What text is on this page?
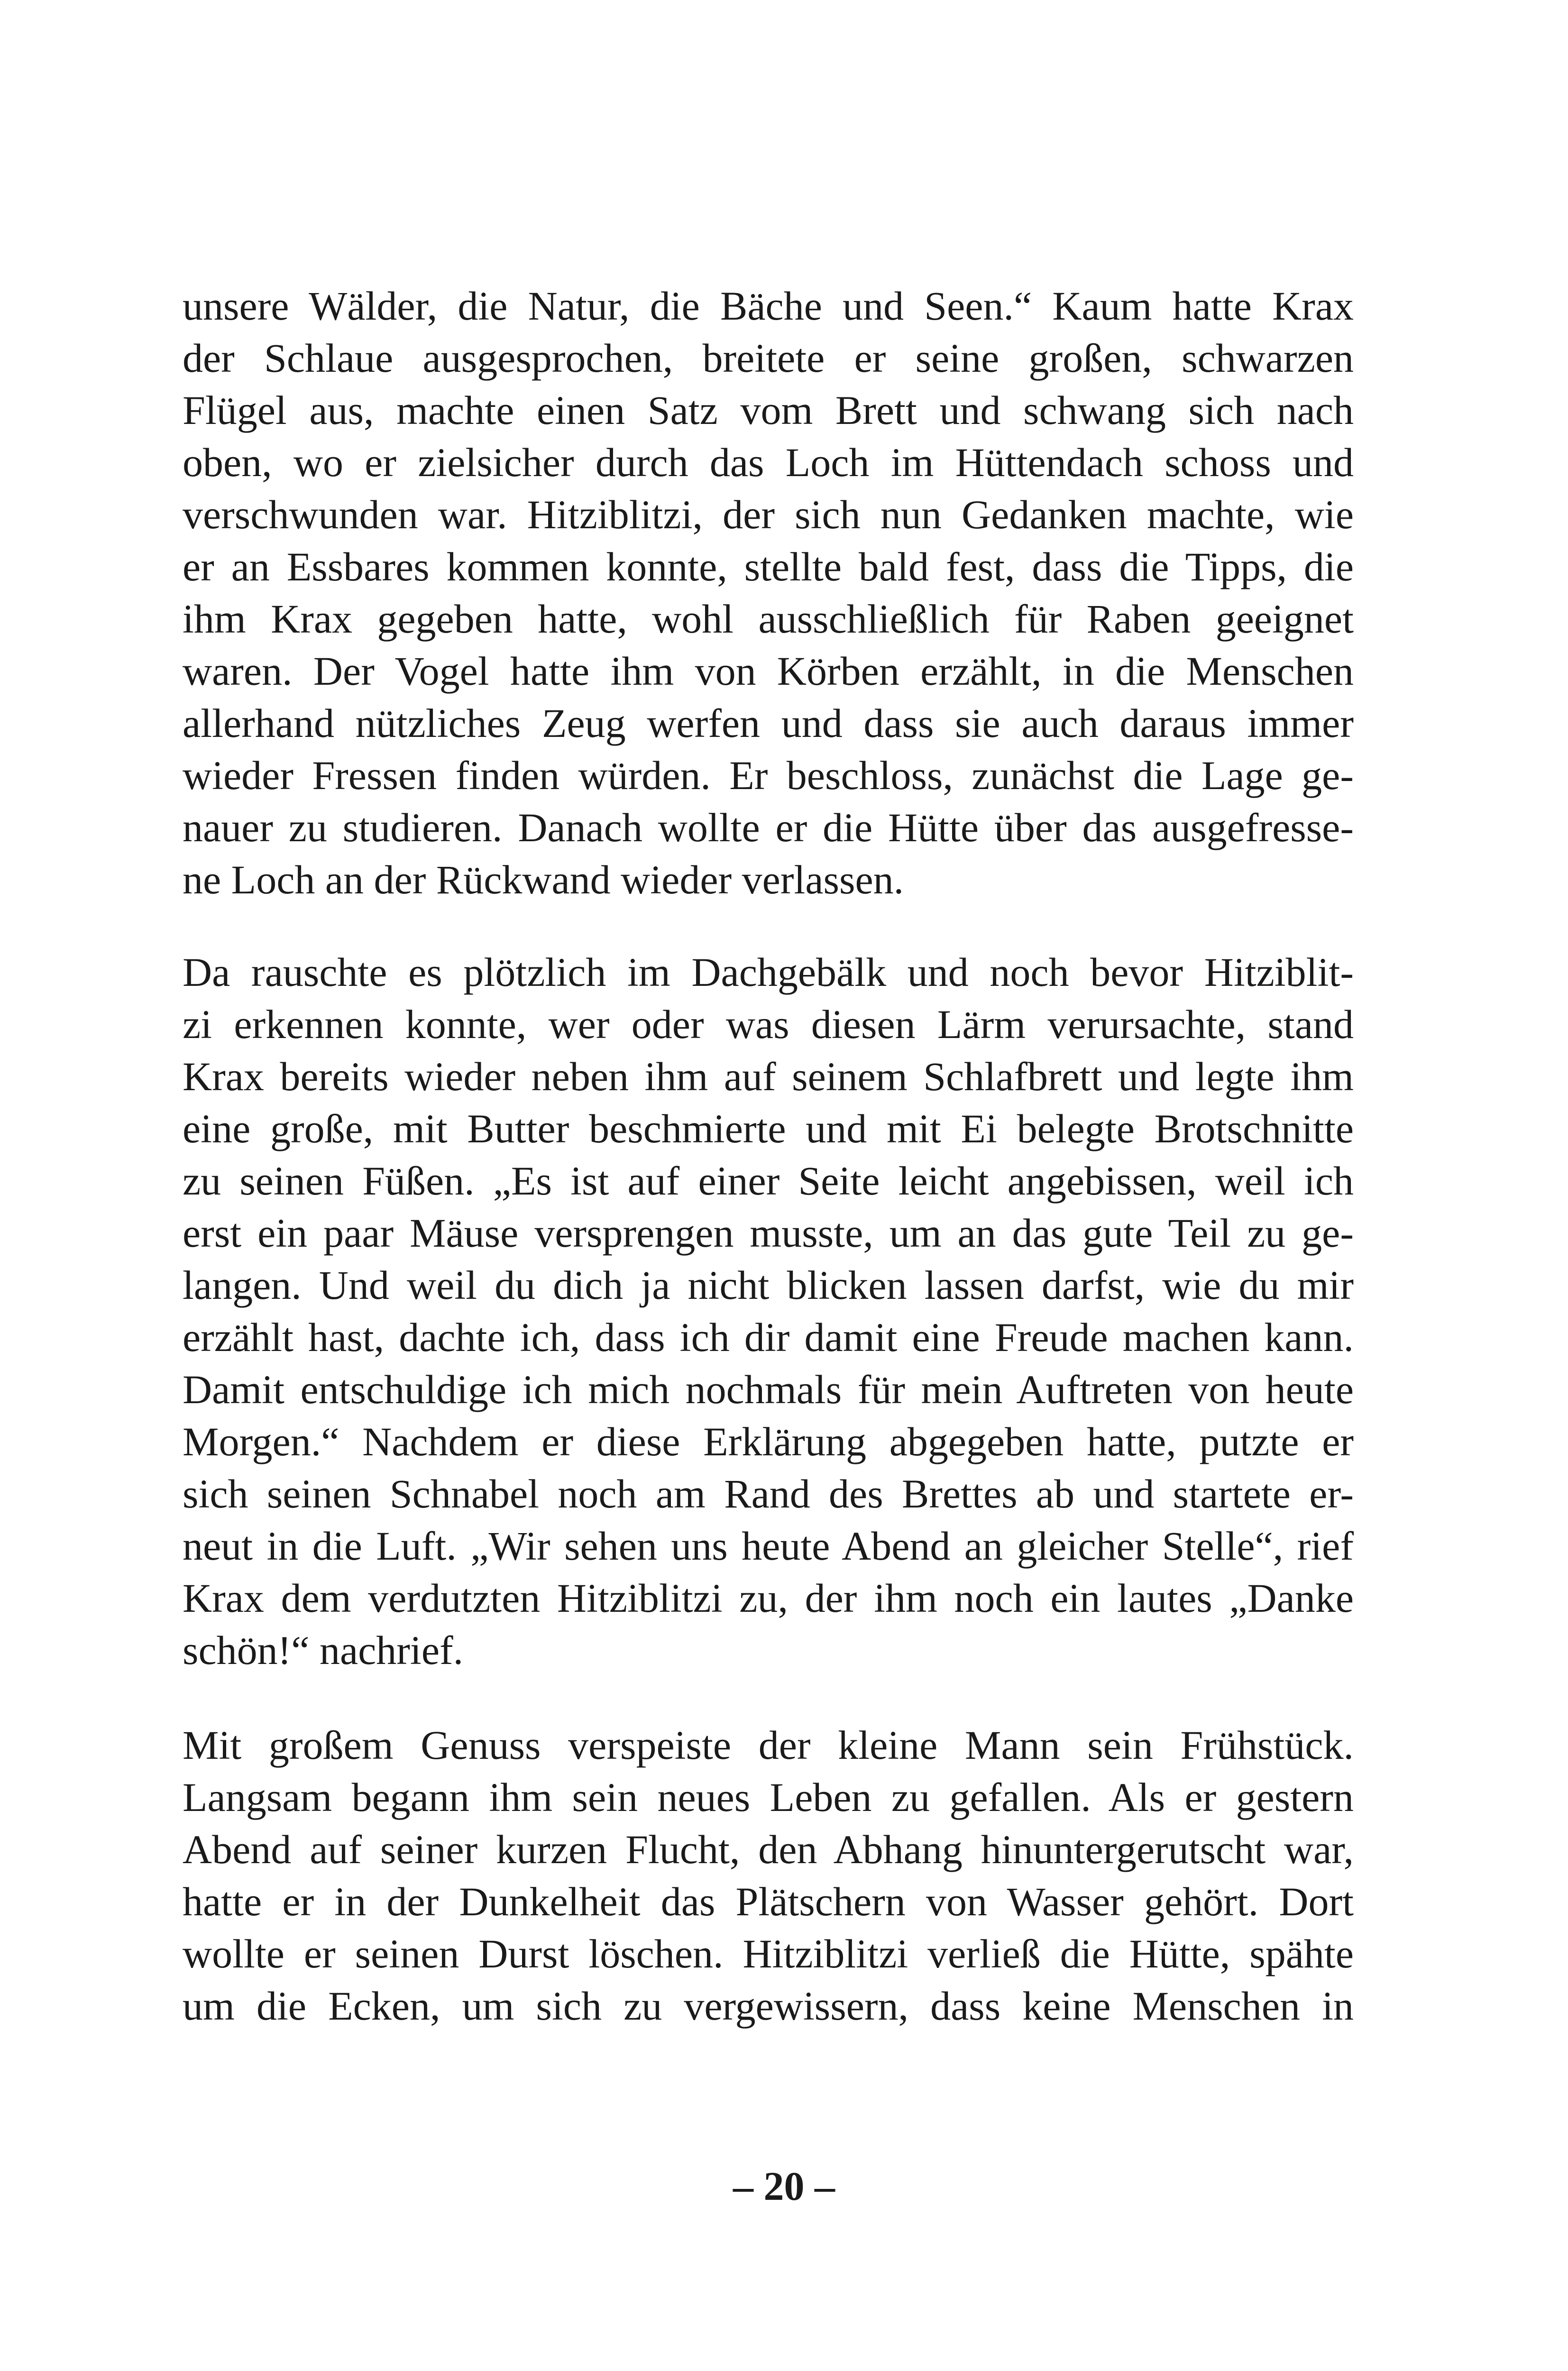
unsere Wälder, die Natur, die Bäche und Seen.“ Kaum hatte Krax
der Schlaue ausgesprochen, breitete er seine großen, schwarzen
Flügel aus, machte einen Satz vom Brett und schwang sich nach
oben, wo er zielsicher durch das Loch im Hüttendach schoss und
verschwunden war. Hitziblitzi, der sich nun Gedanken machte, wie
er an Essbares kommen konnte, stellte bald fest, dass die Tipps, die
ihm Krax gegeben hatte, wohl ausschließlich für Raben geeignet
waren. Der Vogel hatte ihm von Körben erzählt, in die Menschen
allerhand nützliches Zeug werfen und dass sie auch daraus immer
wieder Fressen finden würden. Er beschloss, zunächst die Lage ge-
nauer zu studieren. Danach wollte er die Hütte über das ausgefresse-
ne Loch an der Rückwand wieder verlassen.
Da rauschte es plötzlich im Dachgebälk und noch bevor Hitziblit-
zi erkennen konnte, wer oder was diesen Lärm verursachte, stand
Krax bereits wieder neben ihm auf seinem Schlafbrett und legte ihm
eine große, mit Butter beschmierte und mit Ei belegte Brotschnitte
zu seinen Füßen. „Es ist auf einer Seite leicht angebissen, weil ich
erst ein paar Mäuse versprengen musste, um an das gute Teil zu ge-
langen. Und weil du dich ja nicht blicken lassen darfst, wie du mir
erzählt hast, dachte ich, dass ich dir damit eine Freude machen kann.
Damit entschuldige ich mich nochmals für mein Auftreten von heute
Morgen.“ Nachdem er diese Erklärung abgegeben hatte, putzte er
sich seinen Schnabel noch am Rand des Brettes ab und startete er-
neut in die Luft. „Wir sehen uns heute Abend an gleicher Stelle“, rief
Krax dem verdutzten Hitziblitzi zu, der ihm noch ein lautes „Danke
schön!“ nachrief.
Mit großem Genuss verspeiste der kleine Mann sein Frühstück.
Langsam begann ihm sein neues Leben zu gefallen. Als er gestern
Abend auf seiner kurzen Flucht, den Abhang hinuntergerutscht war,
hatte er in der Dunkelheit das Plätschern von Wasser gehört. Dort
wollte er seinen Durst löschen. Hitziblitzi verließ die Hütte, spähte
um die Ecken, um sich zu vergewissern, dass keine Menschen in
– 20 –
